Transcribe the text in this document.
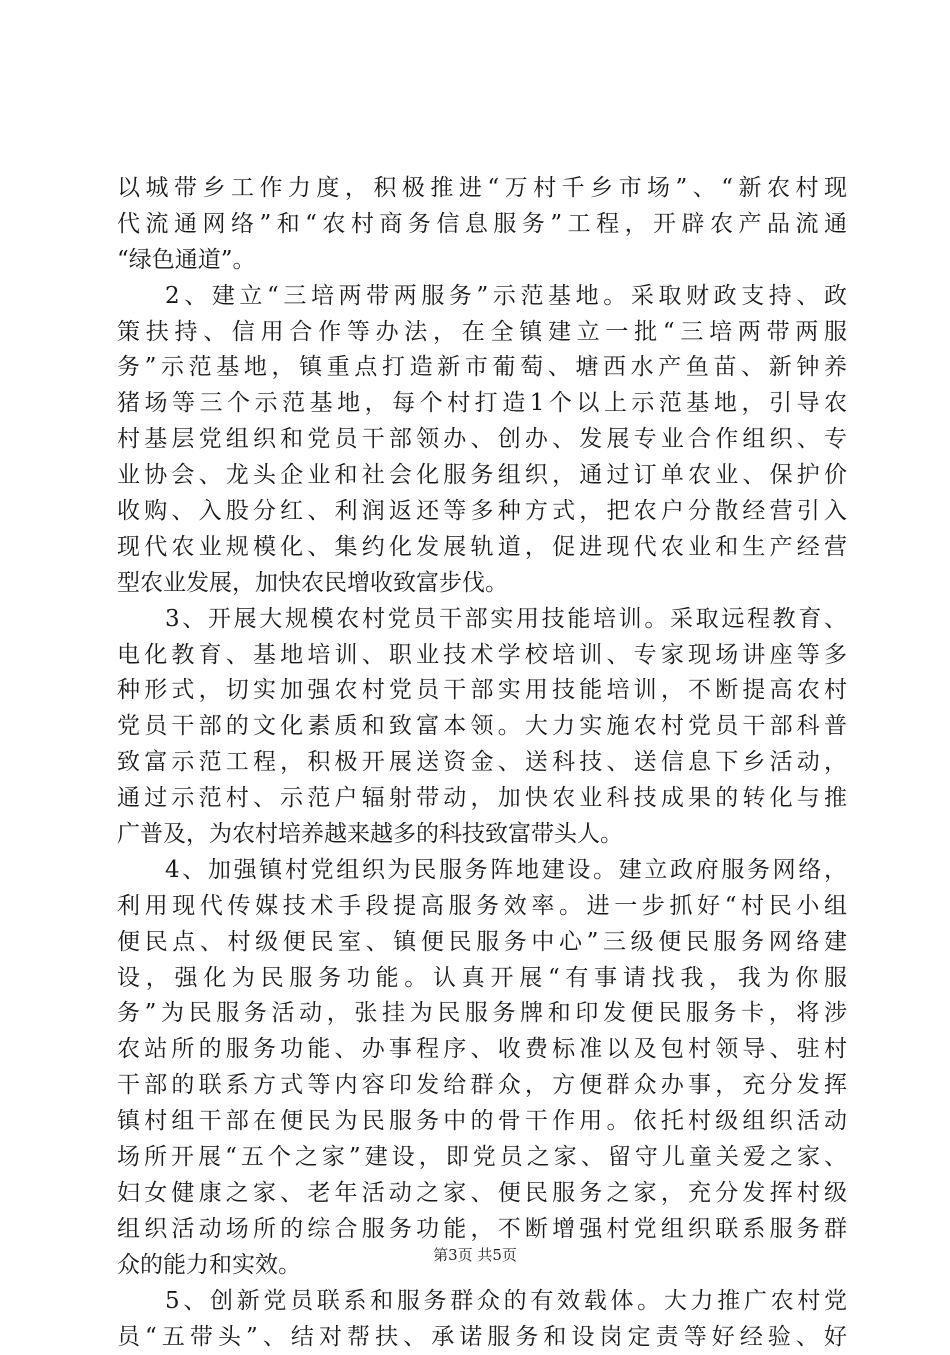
以城带乡工作力度，积极推进“万村千乡市场”、“新农村现
代流通网络”和“农村商务信息服务”工程，开辟农产品流通
“绿色通道”。
2、建立“三培两带两服务”示范基地。采取财政支持、政
策扶持、信用合作等办法，在全镇建立一批“三培两带两服
务”示范基地，镇重点打造新市葡萄、塘西水产鱼苗、新钟养
猪场等三个示范基地，每个村打造1个以上示范基地，引导农
村基层党组织和党员干部领办、创办、发展专业合作组织、专
业协会、龙头企业和社会化服务组织，通过订单农业、保护价
收购、入股分红、利润返还等多种方式，把农户分散经营引入
现代农业规模化、集约化发展轨道，促进现代农业和生产经营
型农业发展，加快农民增收致富步伐。
3、开展大规模农村党员干部实用技能培训。采取远程教育、
电化教育、基地培训、职业技术学校培训、专家现场讲座等多
种形式，切实加强农村党员干部实用技能培训，不断提高农村
党员干部的文化素质和致富本领。大力实施农村党员干部科普
致富示范工程，积极开展送资金、送科技、送信息下乡活动，
通过示范村、示范户辐射带动，加快农业科技成果的转化与推
广普及，为农村培养越来越多的科技致富带头人。
4、加强镇村党组织为民服务阵地建设。建立政府服务网络，
利用现代传媒技术手段提高服务效率。进一步抓好“村民小组
便民点、村级便民室、镇便民服务中心”三级便民服务网络建
设，强化为民服务功能。认真开展“有事请找我，我为你服
务”为民服务活动，张挂为民服务牌和印发便民服务卡，将涉
农站所的服务功能、办事程序、收费标准以及包村领导、驻村
干部的联系方式等内容印发给群众，方便群众办事，充分发挥
镇村组干部在便民为民服务中的骨干作用。依托村级组织活动
场所开展“五个之家”建设，即党员之家、留守儿童关爱之家、
妇女健康之家、老年活动之家、便民服务之家，充分发挥村级
组织活动场所的综合服务功能，不断增强村党组织联系服务群
众的能力和实效。
5、创新党员联系和服务群众的有效载体。大力推广农村党
员“五带头”、结对帮扶、承诺服务和设岗定责等好经验、好
第3页 共5页
